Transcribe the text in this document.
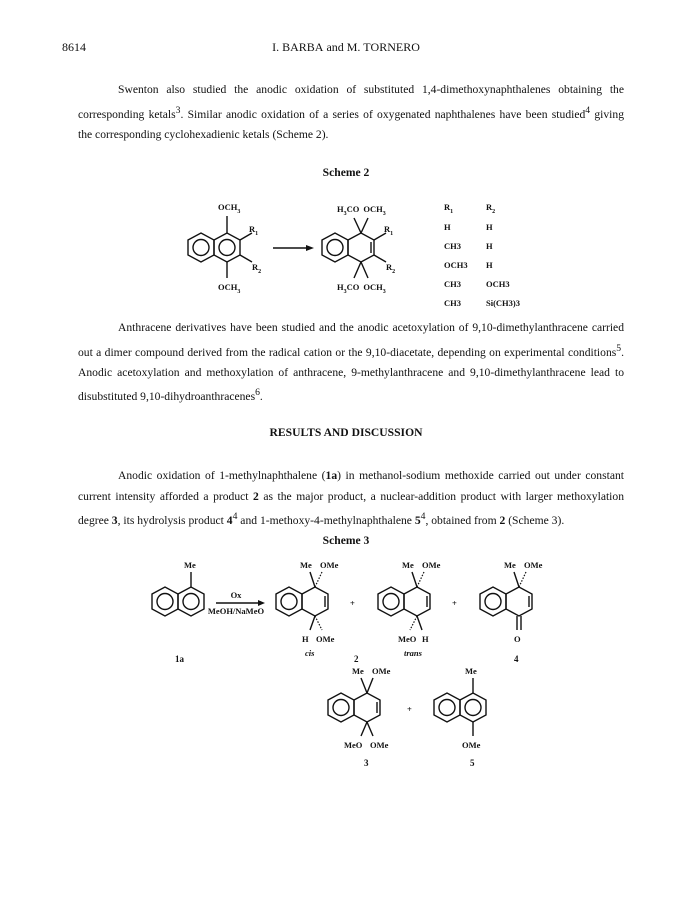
8614	I. BARBA and M. TORNERO
Swenton also studied the anodic oxidation of substituted 1,4-dimethoxynaphthalenes obtaining the
corresponding ketals$^3$. Similar anodic oxidation of a series of oxygenated naphthalenes have been studied$^4$ giving
the corresponding cyclohexadienic ketals (Scheme 2).
Scheme 2
$OCH_3$
$R_1$
$R_2$
$OCH_3$
$H_3CO$ $OCH_3$
$R_1$
$R_2$
$H_3CO$ $OCH_3$
$R_1$	$R_2$
H	H
CH3	H
OCH3 H
CH3	OCH3
CH3	Si(CH3)3
Anthracene derivatives have been studied and the anodic acetoxylation of 9,10-dimethylanthracene carried
out a dimer compound derived from the radical cation or the 9,10-diacetate, depending on experimental conditions$^5$.
Anodic acetoxylation and methoxylation of anthracene, 9-methylanthracene and 9,10-dimethylanthracene lead to
disubstituted 9,10-dihydroanthracenes$^6$.
RESULTS AND DISCUSSION
Anodic oxidation of 1-methylnaphthalene (1a) in methanol-sodium methoxide carried out under constant
current intensity afforded a product 2 as the major product, a nuclear-addition product with larger methoxylation
degree 3, its hydrolysis product $4^4$ and 1-methoxy-4-methylnaphthalene $5^4$, obtained from 2 (Scheme 3).
Scheme 3
Me
Ox
MeOH/NaMeO
Me OMe
H OMe
+
Me OMe
MeO H
+
Me OMe
O
1a
cis
2
trans
4
Me OMe
MeO OMe
+
Me
OMe
3	5
